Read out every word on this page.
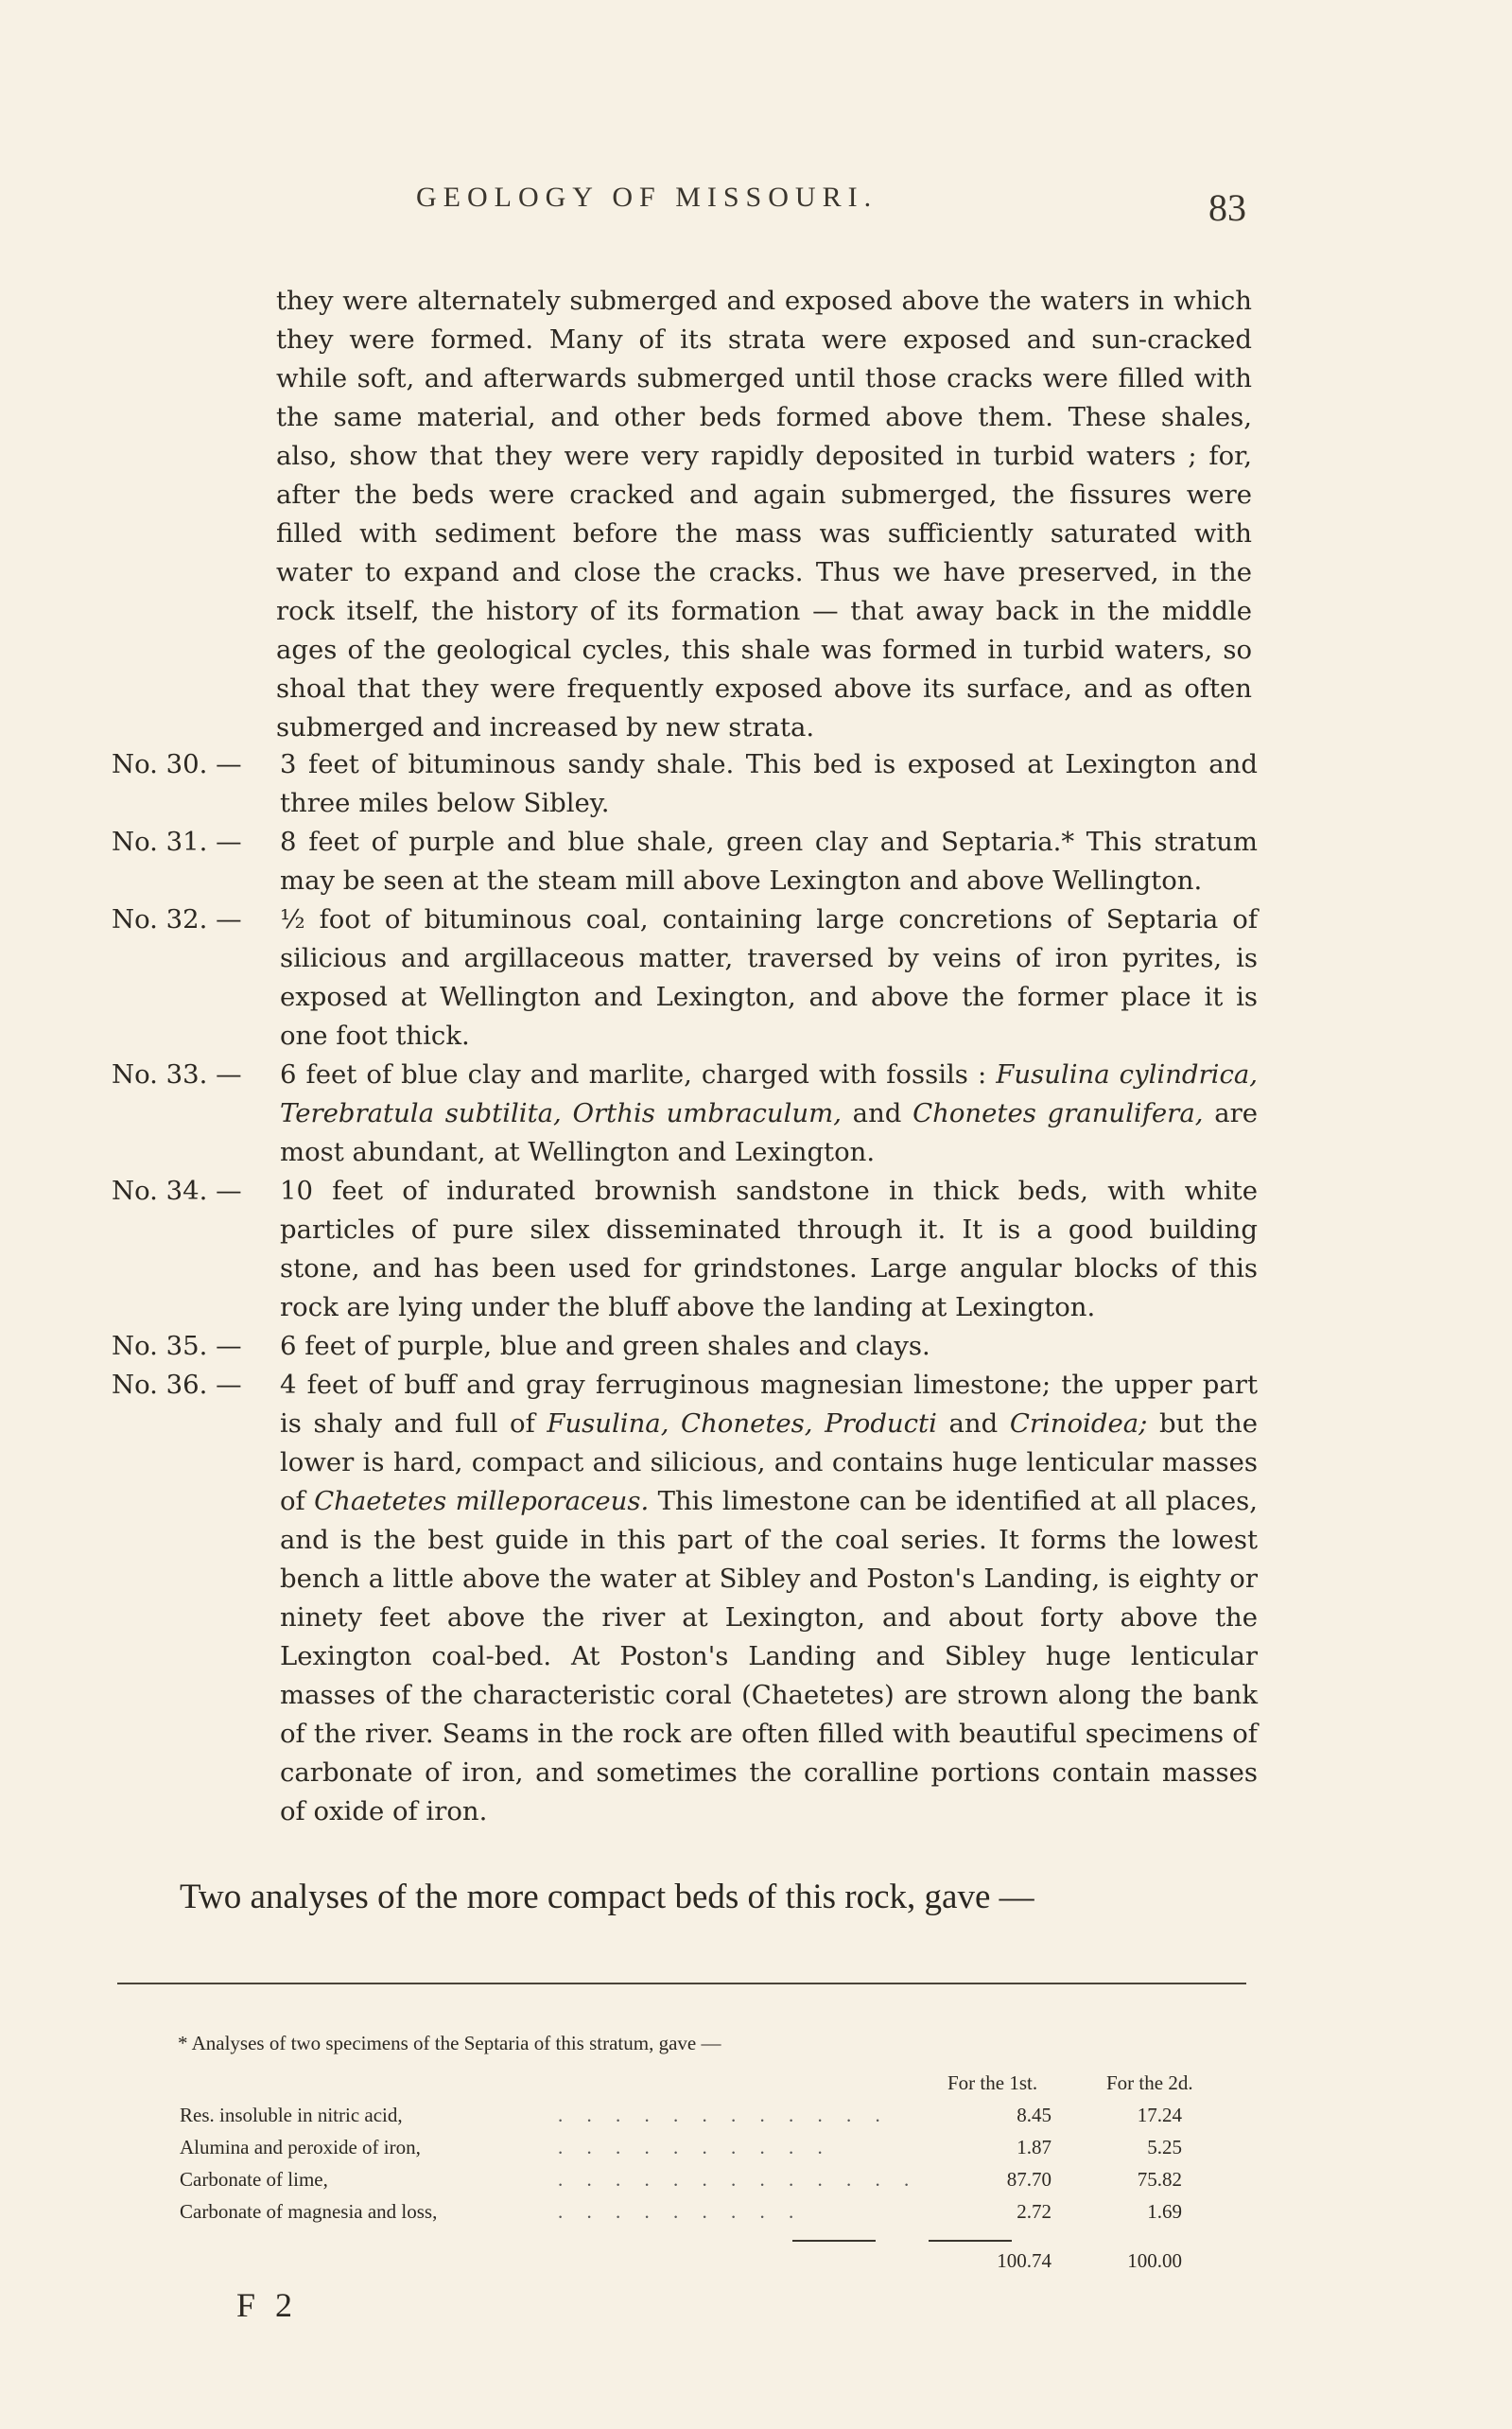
GEOLOGY OF MISSOURI.	83
they were alternately submerged and exposed above the waters in which they were formed. Many of its strata were exposed and sun-cracked while soft, and afterwards submerged until those cracks were filled with the same material, and other beds formed above them. These shales, also, show that they were very rapidly deposited in turbid waters ; for, after the beds were cracked and again submerged, the fissures were filled with sediment before the mass was sufficiently saturated with water to expand and close the cracks. Thus we have preserved, in the rock itself, the history of its formation — that away back in the middle ages of the geological cycles, this shale was formed in turbid waters, so shoal that they were frequently exposed above its surface, and as often submerged and increased by new strata.
No. 30. —	3 feet of bituminous sandy shale. This bed is exposed at Lexington and three miles below Sibley.
No. 31. —	8 feet of purple and blue shale, green clay and Septaria.* This stratum may be seen at the steam mill above Lexington and above Wellington.
No. 32. —	½ foot of bituminous coal, containing large concretions of Septaria of silicious and argillaceous matter, traversed by veins of iron pyrites, is exposed at Wellington and Lexington, and above the former place it is one foot thick.
No. 33. —	6 feet of blue clay and marlite, charged with fossils : Fusulina cylindrica, Terebratula subtilita, Orthis umbraculum, and Chonetes granulifera, are most abundant, at Wellington and Lexington.
No. 34. —	10 feet of indurated brownish sandstone in thick beds, with white particles of pure silex disseminated through it. It is a good building stone, and has been used for grindstones. Large angular blocks of this rock are lying under the bluff above the landing at Lexington.
No. 35. —	6 feet of purple, blue and green shales and clays.
No. 36. —	4 feet of buff and gray ferruginous magnesian limestone; the upper part is shaly and full of Fusulina, Chonetes, Producti and Crinoidea; but the lower is hard, compact and silicious, and contains huge lenticular masses of Chaetetes milleporaceus. This limestone can be identified at all places, and is the best guide in this part of the coal series. It forms the lowest bench a little above the water at Sibley and Poston's Landing, is eighty or ninety feet above the river at Lexington, and about forty above the Lexington coal-bed. At Poston's Landing and Sibley huge lenticular masses of the characteristic coral (Chaetetes) are strown along the bank of the river. Seams in the rock are often filled with beautiful specimens of carbonate of iron, and sometimes the coralline portions contain masses of oxide of iron.
Two analyses of the more compact beds of this rock, gave —
* Analyses of two specimens of the Septaria of this stratum, gave —
For the 1st.	For the 2d.
Res. insoluble in nitric acid,	. . . . . . . . . . . .	8.45	17.24
Alumina and peroxide of iron,	. . . . . . . . . .	1.87	5.25
Carbonate of lime,	. . . . . . . . . . . . .	87.70	75.82
Carbonate of magnesia and loss,	. . . . . . . . .	2.72	1.69
100.74	100.00
F 2
